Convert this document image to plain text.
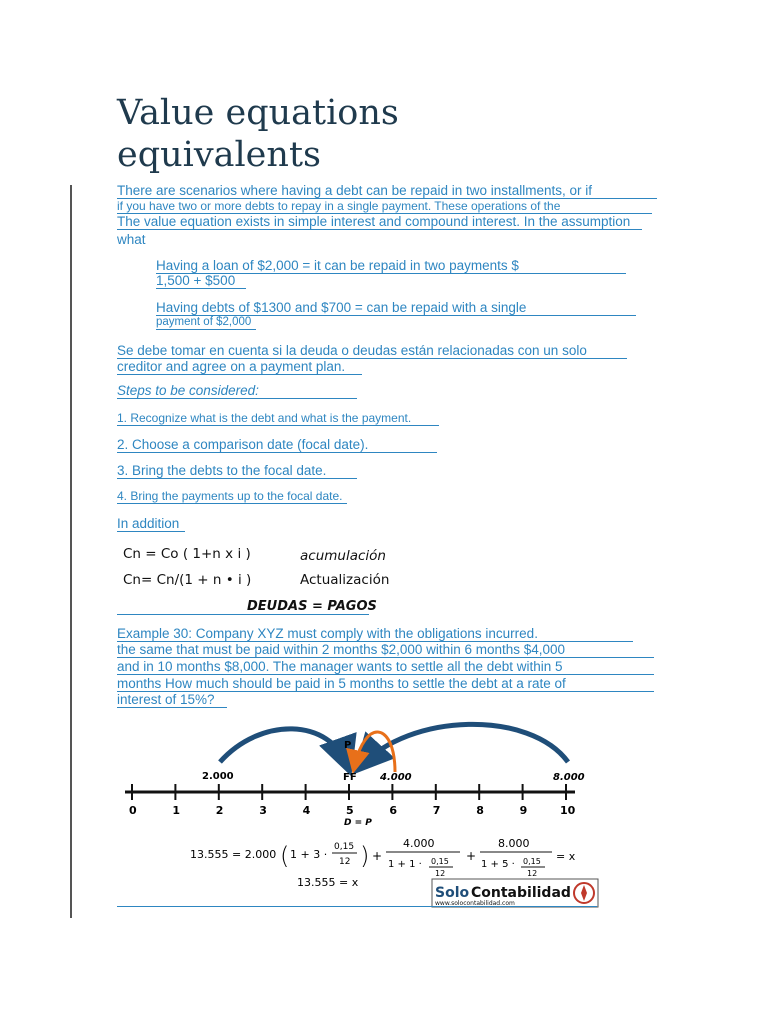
Value equations
equivalents
There are scenarios where having a debt can be repaid in two installments, or if
if you have two or more debts to repay in a single payment. These operations of the
The value equation exists in simple interest and compound interest. In the assumption
what
Having a loan of $2,000 = it can be repaid in two payments $
1,500 + $500
Having debts of $1300 and $700 = can be repaid with a single
payment of $2,000
Se debe tomar en cuenta si la deuda o deudas están relacionadas con un solo
creditor and agree on a payment plan.
Steps to be considered:
1. Recognize what is the debt and what is the payment.
2. Choose a comparison date (focal date).
3. Bring the debts to the focal date.
4. Bring the payments up to the focal date.
In addition
Cn = Co ( 1+n x i )	acumulación
Cn= Cn/(1 + n • i )	Actualización
DEUDAS = PAGOS
Example 30: Company XYZ must comply with the obligations incurred.
the same that must be paid within 2 months $2,000 within 6 months $4,000
and in 10 months $8,000. The manager wants to settle all the debt within 5
months How much should be paid in 5 months to settle the debt at a rate of
interest of 15%?
2.000
P
FF 4.000	8.000
0	1	2	3	4	5	6	7	8	9	10
D = P
13.555 = 2.000 ( 1 + 3 ·
0,15
12 ) +
4.000
1 + 1 · 0,15
12
+
8.000
1 + 5 · 0,15
12
= x
13.555 = x
Solo Contabilidad
www.solocontabilidad.com
